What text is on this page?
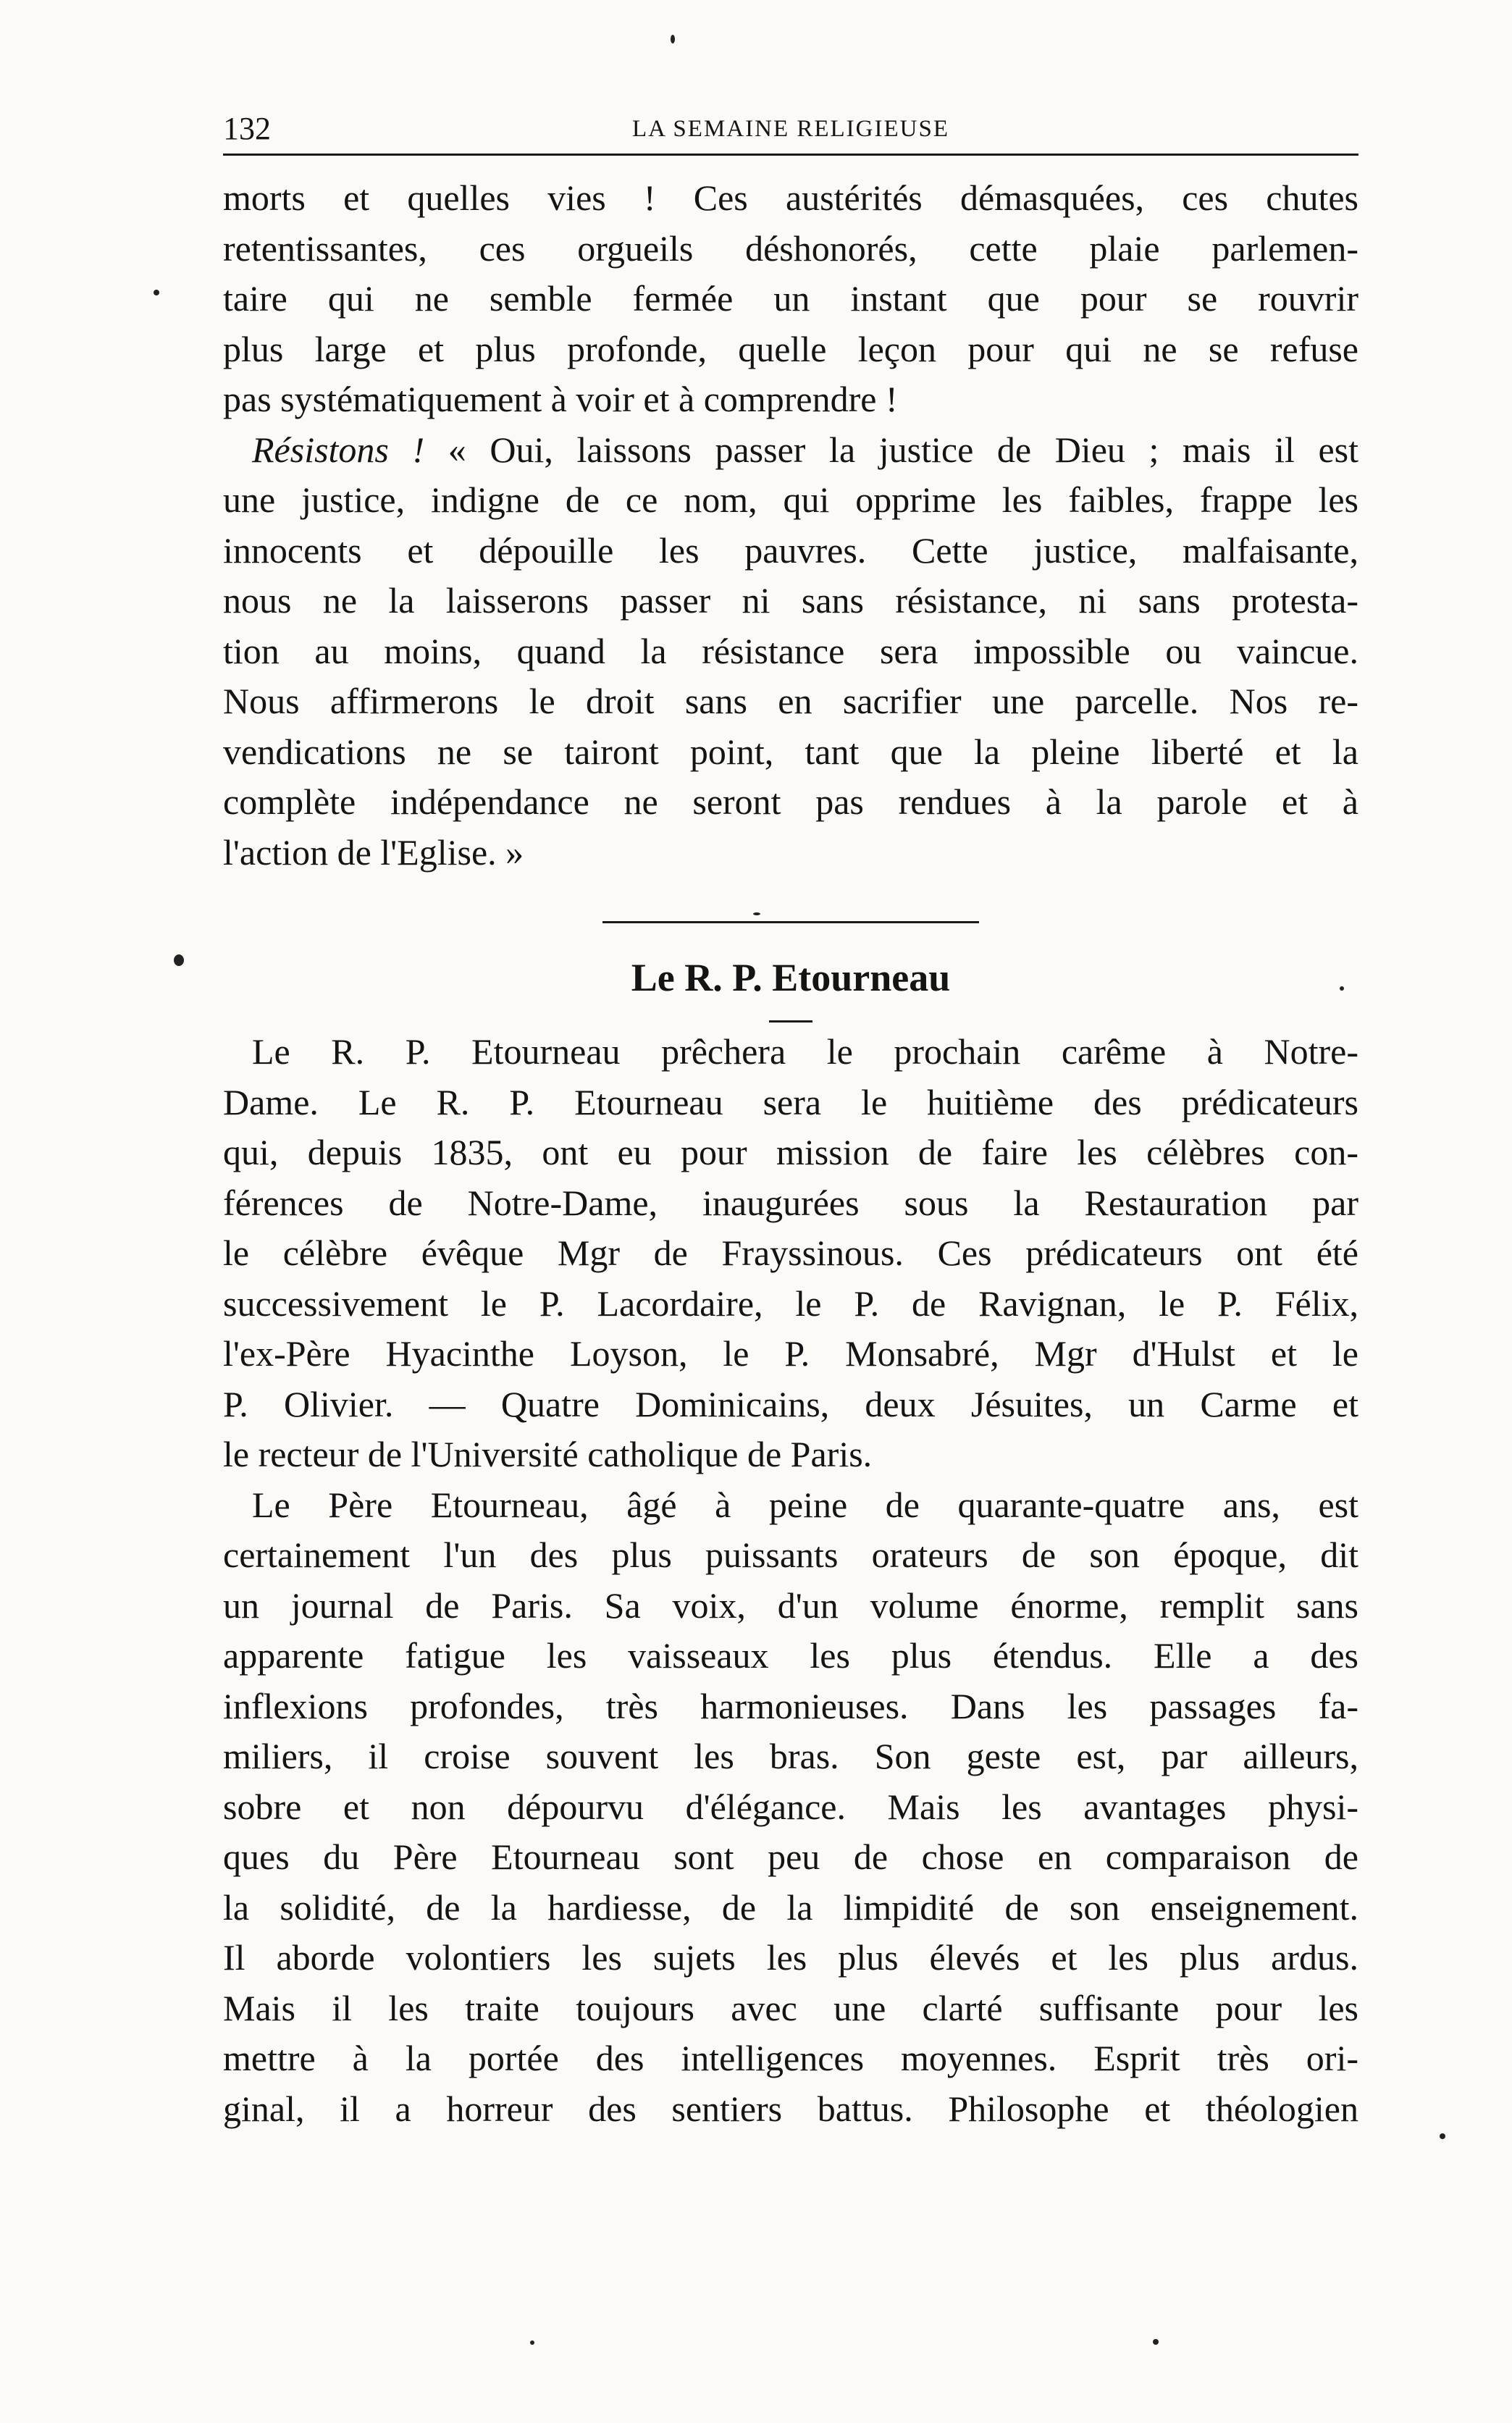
132	LA SEMAINE RELIGIEUSE

morts et quelles vies ! Ces austérités démasquées, ces chutes

retentissantes, ces orgueils déshonorés, cette plaie parlemen-

taire qui ne semble fermée un instant que pour se rouvrir

plus large et plus profonde, quelle leçon pour qui ne se refuse

pas systématiquement à voir et à comprendre !

Résistons ! « Oui, laissons passer la justice de Dieu ; mais il est

une justice, indigne de ce nom, qui opprime les faibles, frappe les

innocents et dépouille les pauvres. Cette justice, malfaisante,

nous ne la laisserons passer ni sans résistance, ni sans protesta-

tion au moins, quand la résistance sera impossible ou vaincue.

Nous affirmerons le droit sans en sacrifier une parcelle. Nos re-

vendications ne se tairont point, tant que la pleine liberté et la

complète indépendance ne seront pas rendues à la parole et à

l'action de l'Eglise. »

Le R. P. Etourneau

Le R. P. Etourneau prêchera le prochain carême à Notre-

Dame. Le R. P. Etourneau sera le huitième des prédicateurs

qui, depuis 1835, ont eu pour mission de faire les célèbres con-

férences de Notre-Dame, inaugurées sous la Restauration par

le célèbre évêque Mgr de Frayssinous. Ces prédicateurs ont été

successivement le P. Lacordaire, le P. de Ravignan, le P. Félix,

l'ex-Père Hyacinthe Loyson, le P. Monsabré, Mgr d'Hulst et le

P. Olivier. — Quatre Dominicains, deux Jésuites, un Carme et

le recteur de l'Université catholique de Paris.

Le Père Etourneau, âgé à peine de quarante-quatre ans, est

certainement l'un des plus puissants orateurs de son époque, dit

un journal de Paris. Sa voix, d'un volume énorme, remplit sans

apparente fatigue les vaisseaux les plus étendus. Elle a des

inflexions profondes, très harmonieuses. Dans les passages fa-

miliers, il croise souvent les bras. Son geste est, par ailleurs,

sobre et non dépourvu d'élégance. Mais les avantages physi-

ques du Père Etourneau sont peu de chose en comparaison de

la solidité, de la hardiesse, de la limpidité de son enseignement.

Il aborde volontiers les sujets les plus élevés et les plus ardus.

Mais il les traite toujours avec une clarté suffisante pour les

mettre à la portée des intelligences moyennes. Esprit très ori-

ginal, il a horreur des sentiers battus. Philosophe et théologien
